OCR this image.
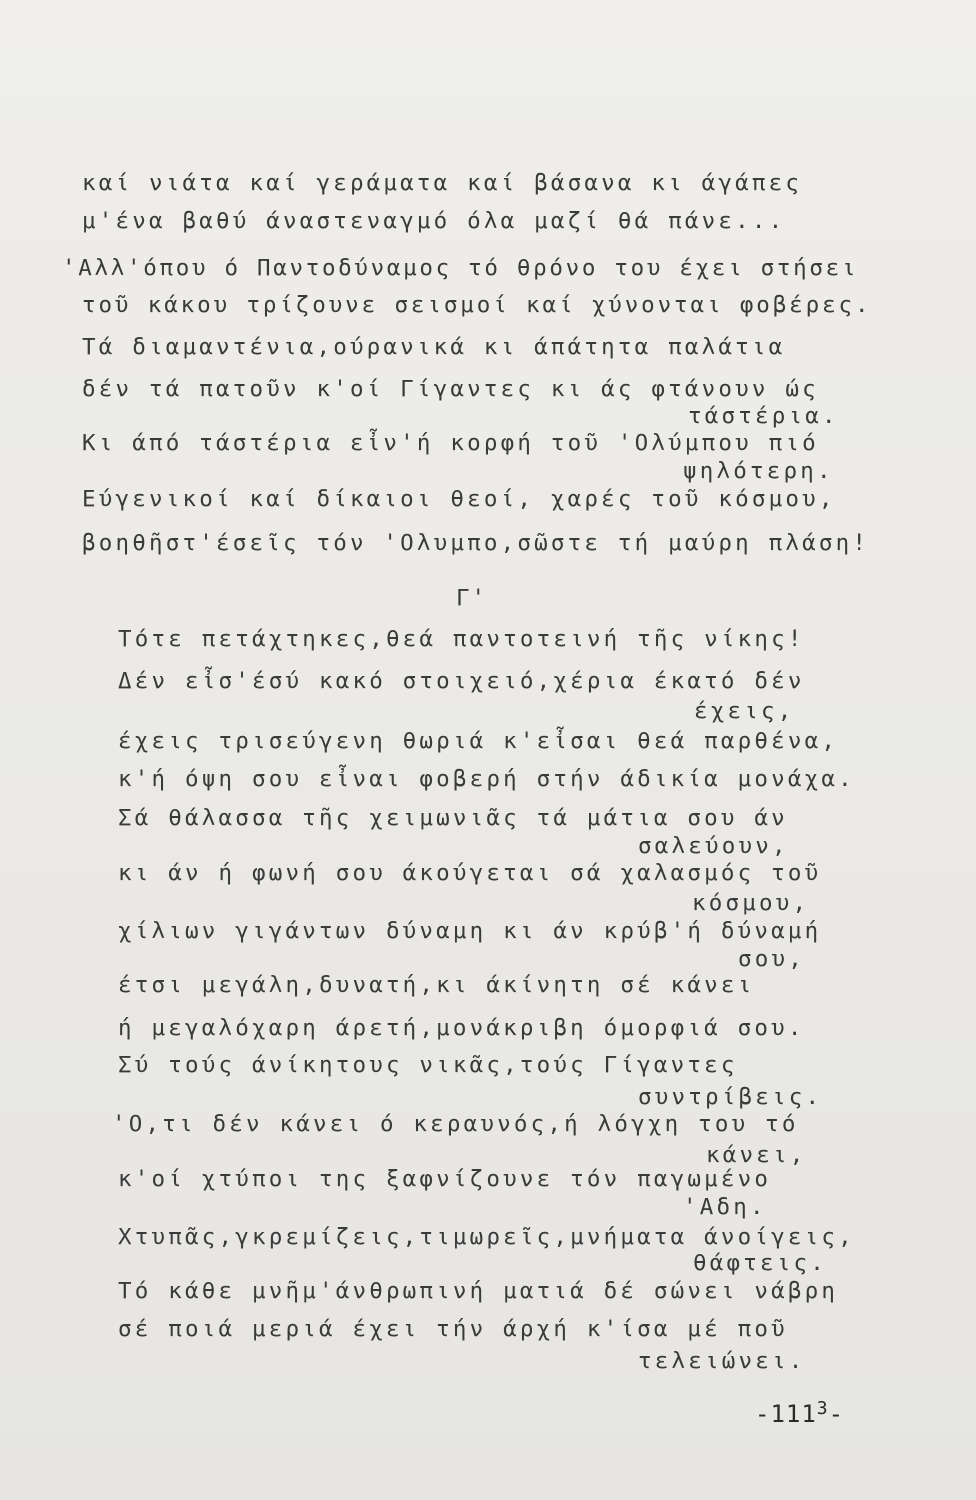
καί νιάτα καί γεράματα καί βάσανα κι άγάπες
μ'ένα βαθύ άναστεναγμό όλα μαζί θά πάνε...
'Αλλ'όπου ό Παντοδύναμος τό θρόνο του έχει στήσει
τοῦ κάκου τρίζουνε σεισμοί καί χύνονται φοβέρες.
Τά διαμαντένια,ούρανικά κι άπάτητα παλάτια
δέν τά πατοῦν κ'οί Γίγαντες κι άς φτάνουν ώς
τάστέρια.
Κι άπό τάστέρια εἶν'ή κορφή τοῦ 'Ολύμπου πιό
ψηλότερη.
Εύγενικοί καί δίκαιοι θεοί, χαρές τοῦ κόσμου,
βοηθῆστ'έσεῖς τόν 'Ολυμπο,σῶστε τή μαύρη πλάση!
Γ'
Τότε πετάχτηκες,θεά παντοτεινή τῆς νίκης!
Δέν εἶσ'έσύ κακό στοιχειό,χέρια έκατό δέν
έχεις,
έχεις τρισεύγενη θωριά κ'εἶσαι θεά παρθένα,
κ'ή όψη σου εἶναι φοβερή στήν άδικία μονάχα.
Σά θάλασσα τῆς χειμωνιᾶς τά μάτια σου άν
σαλεύουν,
κι άν ή φωνή σου άκούγεται σά χαλασμός τοῦ
κόσμου,
χίλιων γιγάντων δύναμη κι άν κρύβ'ή δύναμή
σου,
έτσι μεγάλη,δυνατή,κι άκίνητη σέ κάνει
ή μεγαλόχαρη άρετή,μονάκριβη όμορφιά σου.
Σύ τούς άνίκητους νικᾶς,τούς Γίγαντες
συντρίβεις.
'Ο,τι δέν κάνει ό κεραυνός,ή λόγχη του τό
κάνει,
κ'οί χτύποι της ξαφνίζουνε τόν παγωμένο
'Αδη.
Χτυπᾶς,γκρεμίζεις,τιμωρεῖς,μνήματα άνοίγεις,
θάφτεις.
Τό κάθε μνῆμ'άνθρωπινή ματιά δέ σώνει νάβρη
σέ ποιά μεριά έχει τήν άρχή κ'ίσα μέ ποῦ
τελειώνει.
$-111^3-$
